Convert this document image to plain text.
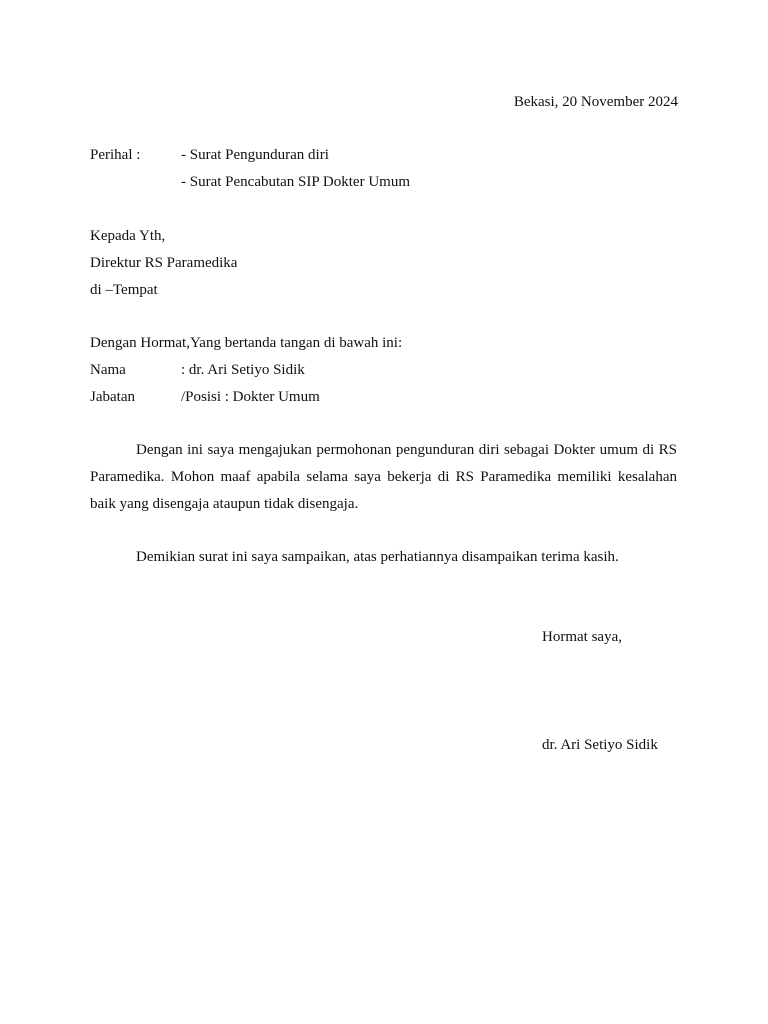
Bekasi, 20 November 2024
Perihal :	- Surat Pengunduran diri
- Surat Pencabutan SIP Dokter Umum
Kepada Yth,
Direktur RS Paramedika
di –Tempat
Dengan Hormat,Yang bertanda tangan di bawah ini:
Nama	: dr. Ari Setiyo Sidik
Jabatan	/Posisi : Dokter Umum
Dengan ini saya mengajukan permohonan pengunduran diri sebagai Dokter umum di RS Paramedika. Mohon maaf apabila selama saya bekerja di RS Paramedika memiliki kesalahan baik yang disengaja ataupun tidak disengaja.
Demikian surat ini saya sampaikan, atas perhatiannya disampaikan terima kasih.
Hormat saya,
dr. Ari Setiyo Sidik
